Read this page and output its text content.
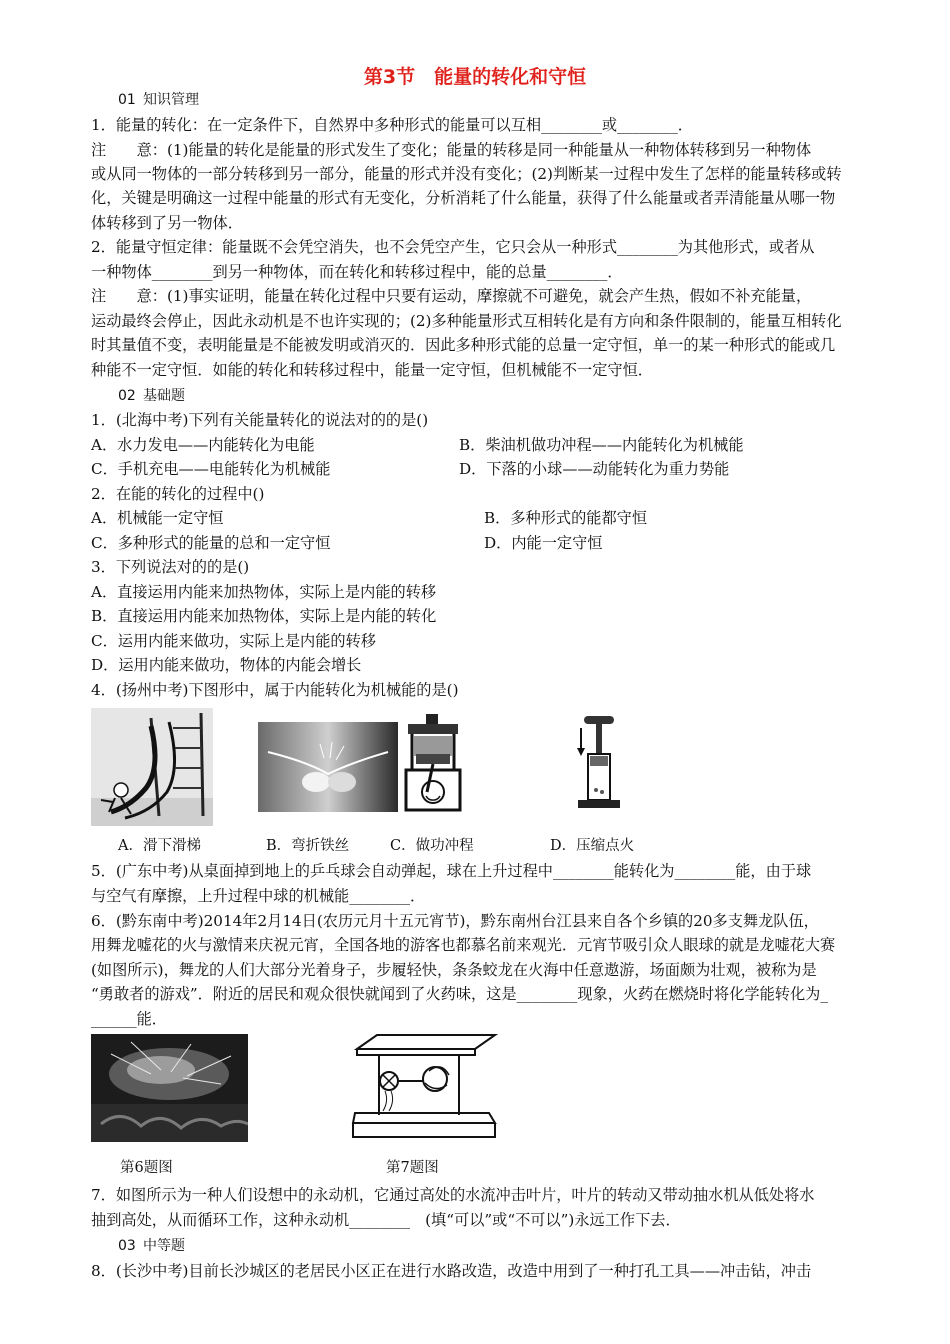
第3节　能量的转化和守恒
01 知识管理
1．能量的转化：在一定条件下，自然界中多种形式的能量可以互相________或________．
注　　意：(1)能量的转化是能量的形式发生了变化；能量的转移是同一种能量从一种物体转移到另一种物体
或从同一物体的一部分转移到另一部分，能量的形式并没有变化；(2)判断某一过程中发生了怎样的能量转移或转
化，关键是明确这一过程中能量的形式有无变化，分析消耗了什么能量，获得了什么能量或者弄清能量从哪一物
体转移到了另一物体．
2．能量守恒定律：能量既不会凭空消失，也不会凭空产生，它只会从一种形式________为其他形式，或者从
一种物体________到另一种物体，而在转化和转移过程中，能的总量________．
注　　意：(1)事实证明，能量在转化过程中只要有运动，摩擦就不可避免，就会产生热，假如不补充能量，
运动最终会停止，因此永动机是不也许实现的；(2)多种能量形式互相转化是有方向和条件限制的，能量互相转化
时其量值不变，表明能量是不能被发明或消灭的．因此多种形式能的总量一定守恒，单一的某一种形式的能或几
种能不一定守恒．如能的转化和转移过程中，能量一定守恒，但机械能不一定守恒．
02 基础题
1．(北海中考)下列有关能量转化的说法对的的是()
A．水力发电——内能转化为电能	B．柴油机做功冲程——内能转化为机械能
C．手机充电——电能转化为机械能	D．下落的小球——动能转化为重力势能
2．在能的转化的过程中()
A．机械能一定守恒	B．多种形式的能都守恒
C．多种形式的能量的总和一定守恒	D．内能一定守恒
3．下列说法对的的是()
A．直接运用内能来加热物体，实际上是内能的转移
B．直接运用内能来加热物体，实际上是内能的转化
C．运用内能来做功，实际上是内能的转移
D．运用内能来做功，物体的内能会增长
4．(扬州中考)下图形中，属于内能转化为机械能的是()
A．滑下滑梯	B．弯折铁丝	C．做功冲程	D．压缩点火
5．(广东中考)从桌面掉到地上的乒乓球会自动弹起，球在上升过程中________能转化为________能，由于球
与空气有摩擦，上升过程中球的机械能________．
6．(黔东南中考)2014年2月14日(农历元月十五元宵节)，黔东南州台江县来自各个乡镇的20多支舞龙队伍，
用舞龙嘘花的火与激情来庆祝元宵，全国各地的游客也都慕名前来观光．元宵节吸引众人眼球的就是龙嘘花大赛
(如图所示)，舞龙的人们大部分光着身子，步履轻快，条条蛟龙在火海中任意遨游，场面颇为壮观，被称为是
“勇敢者的游戏”．附近的居民和观众很快就闻到了火药味，这是________现象，火药在燃烧时将化学能转化为_
______能．
第6题图	第7题图
7．如图所示为一种人们设想中的永动机，它通过高处的水流冲击叶片，叶片的转动又带动抽水机从低处将水
抽到高处，从而循环工作，这种永动机________　(填“可以”或“不可以”)永远工作下去．
03 中等题
8．(长沙中考)目前长沙城区的老居民小区正在进行水路改造，改造中用到了一种打孔工具——冲击钻，冲击
